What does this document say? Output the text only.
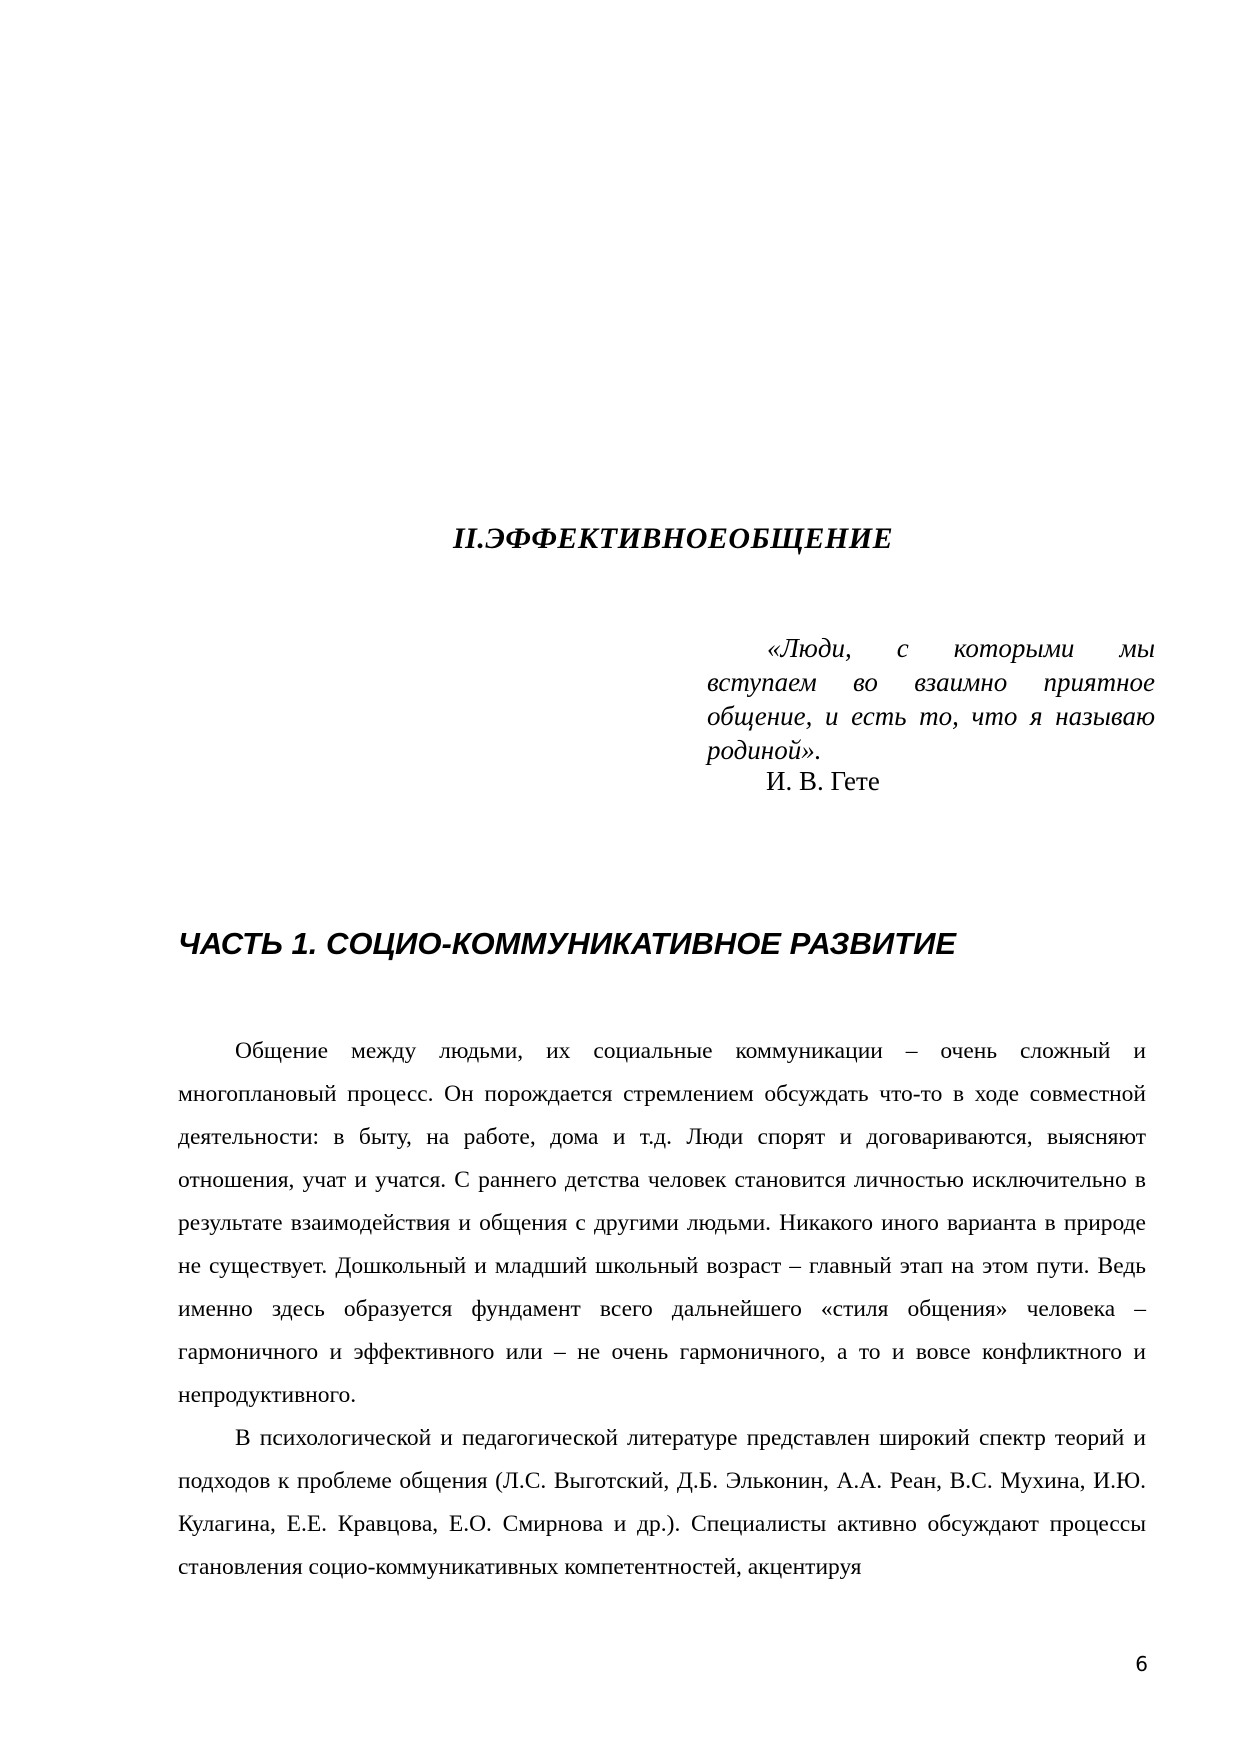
II.ЭФФЕКТИВНОЕОБЩЕНИЕ
«Люди, с которыми мы вступаем во взаимно приятное общение, и есть то, что я называю родиной».
И. В. Гете
ЧАСТЬ 1. СОЦИО-КОММУНИКАТИВНОЕ РАЗВИТИЕ

Общение между людьми, их социальные коммуникации – очень сложный и многоплановый процесс. Он порождается стремлением обсуждать что-то в ходе совместной деятельности: в быту, на работе, дома и т.д. Люди спорят и договариваются, выясняют отношения, учат и учатся. С раннего детства человек становится личностью исключительно в результате взаимодействия и общения с другими людьми. Никакого иного варианта в природе не существует. Дошкольный и младший школьный возраст – главный этап на этом пути. Ведь именно здесь образуется фундамент всего дальнейшего «стиля общения» человека – гармоничного и эффективного или – не очень гармоничного, а то и вовсе конфликтного и непродуктивного.

В психологической и педагогической литературе представлен широкий спектр теорий и подходов к проблеме общения (Л.С. Выготский, Д.Б. Эльконин, А.А. Реан, В.С. Мухина, И.Ю. Кулагина, Е.Е. Кравцова, Е.О. Смирнова и др.). Специалисты активно обсуждают процессы становления социо-коммуникативных компетентностей, акцентируя

6
